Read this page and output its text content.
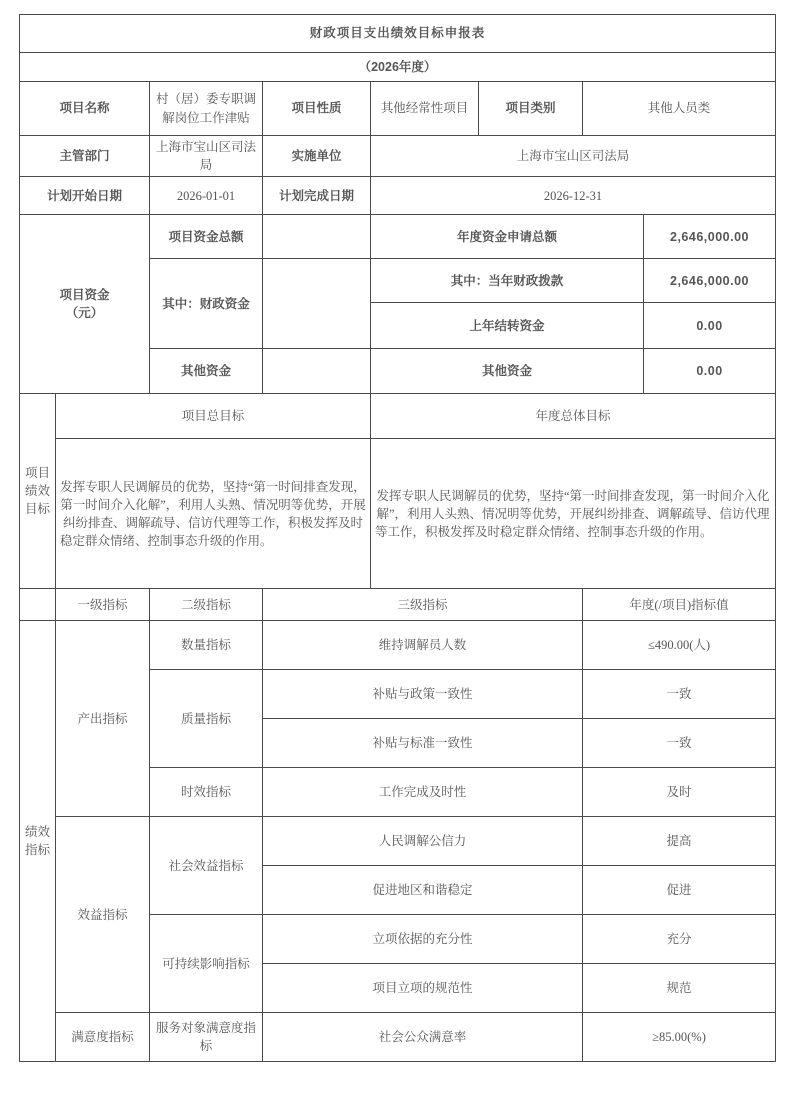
财政项目支出绩效目标申报表							
（2026年度）							
项目名称		村（居）委专职调解岗位工作津贴	项目性质	其他经常性项目	项目类别	其他人员类	
主管部门		上海市宝山区司法局	实施单位	上海市宝山区司法局			
计划开始日期		2026-01-01	计划完成日期	2026-12-31			

项目资金
（元）		项目资金总额		年度资金申请总额			2,646,000.00
		其中：财政资金		其中：当年财政拨款			2,646,000.00
				上年结转资金			0.00
		其他资金		其他资金			0.00
项目绩效目标	项目总目标			年度总体目标			
	发挥专职人民调解员的优势，坚持“第一时间排查发现，第一时间介入化解”，利用人头熟、情况明等优势，开展纠纷排查、调解疏导、信访代理等工作，积极发挥及时稳定群众情绪、控制事态升级的作用。			发挥专职人民调解员的优势，坚持“第一时间排查发现，第一时间介入化解”，利用人头熟、情况明等优势，开展纠纷排查、调解疏导、信访代理等工作，积极发挥及时稳定群众情绪、控制事态升级的作用。			
	一级指标	二级指标	三级指标			年度(/项目)指标值	
绩效指标	产出指标	数量指标	维持调解员人数			≤490.00(人)	
		质量指标	补贴与政策一致性			一致	
			补贴与标准一致性			一致	
		时效指标	工作完成及时性			及时	
	效益指标	社会效益指标	人民调解公信力			提高	
			促进地区和谐稳定			促进	
		可持续影响指标	立项依据的充分性			充分	
			项目立项的规范性			规范	
	满意度指标	服务对象满意度指标	社会公众满意率			≥85.00(%)	
